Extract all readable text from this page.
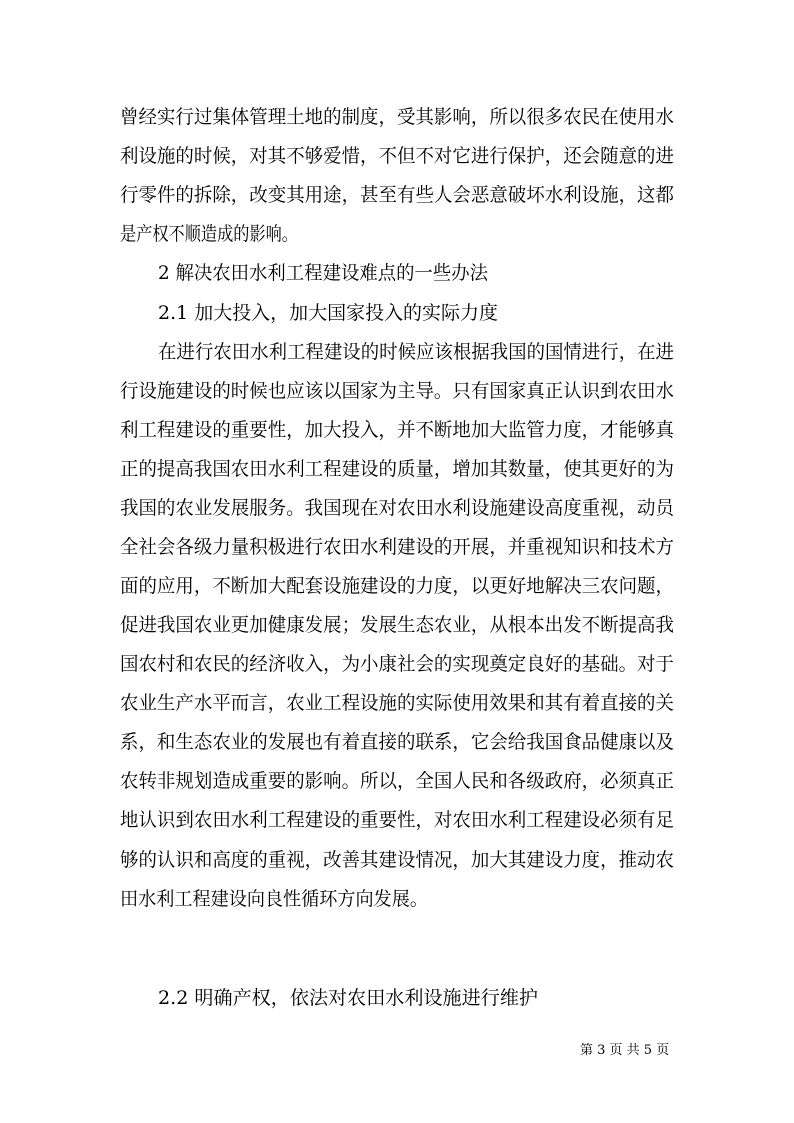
曾经实行过集体管理土地的制度，受其影响，所以很多农民在使用水
利设施的时候，对其不够爱惜，不但不对它进行保护，还会随意的进
行零件的拆除，改变其用途，甚至有些人会恶意破坏水利设施，这都
是产权不顺造成的影响。
2 解决农田水利工程建设难点的一些办法
2.1 加大投入，加大国家投入的实际力度
在进行农田水利工程建设的时候应该根据我国的国情进行，在进
行设施建设的时候也应该以国家为主导。只有国家真正认识到农田水
利工程建设的重要性，加大投入，并不断地加大监管力度，才能够真
正的提高我国农田水利工程建设的质量，增加其数量，使其更好的为
我国的农业发展服务。我国现在对农田水利设施建设高度重视，动员
全社会各级力量积极进行农田水利建设的开展，并重视知识和技术方
面的应用，不断加大配套设施建设的力度，以更好地解决三农问题，
促进我国农业更加健康发展；发展生态农业，从根本出发不断提高我
国农村和农民的经济收入，为小康社会的实现奠定良好的基础。对于
农业生产水平而言，农业工程设施的实际使用效果和其有着直接的关
系，和生态农业的发展也有着直接的联系，它会给我国食品健康以及
农转非规划造成重要的影响。所以，全国人民和各级政府，必须真正
地认识到农田水利工程建设的重要性，对农田水利工程建设必须有足
够的认识和高度的重视，改善其建设情况，加大其建设力度，推动农
田水利工程建设向良性循环方向发展。
2.2 明确产权，依法对农田水利设施进行维护
第 3 页 共 5 页
